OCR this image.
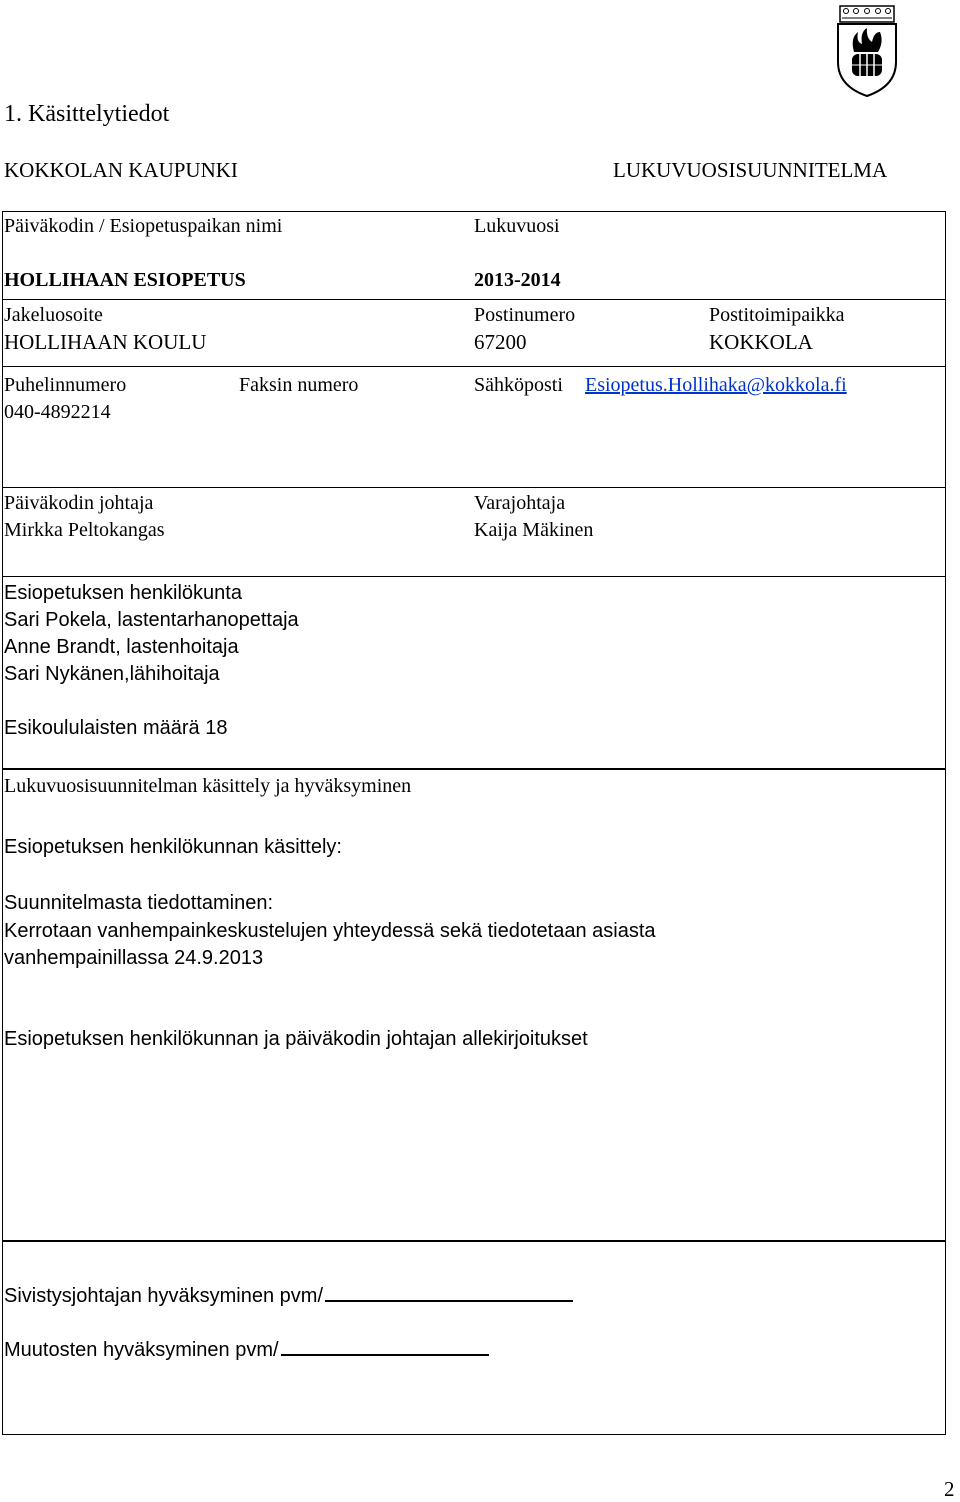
1. Käsittelytiedot
KOKKOLAN KAUPUNKI	LUKUVUOSISUUNNITELMA
Päiväkodin / Esiopetuspaikan nimi	Lukuvuosi
HOLLIHAAN ESIOPETUS	2013-2014
Jakeluosoite	Postinumero	Postitoimipaikka
HOLLIHAAN KOULU	67200	KOKKOLA
Puhelinnumero	Faksin numero	Sähköposti Esiopetus.Hollihaka@kokkola.fi
040-4892214
Päiväkodin johtaja	Varajohtaja
Mirkka Peltokangas	Kaija Mäkinen
Esiopetuksen henkilökunta
Sari Pokela, lastentarhanopettaja
Anne Brandt, lastenhoitaja
Sari Nykänen,lähihoitaja
Esikoululaisten määrä 18
Lukuvuosisuunnitelman käsittely ja hyväksyminen
Esiopetuksen henkilökunnan käsittely:
Suunnitelmasta tiedottaminen:
Kerrotaan vanhempainkeskustelujen yhteydessä sekä tiedotetaan asiasta
vanhempainillassa 24.9.2013
Esiopetuksen henkilökunnan ja päiväkodin johtajan allekirjoitukset
Sivistysjohtajan hyväksyminen pvm/
Muutosten hyväksyminen pvm/
2
